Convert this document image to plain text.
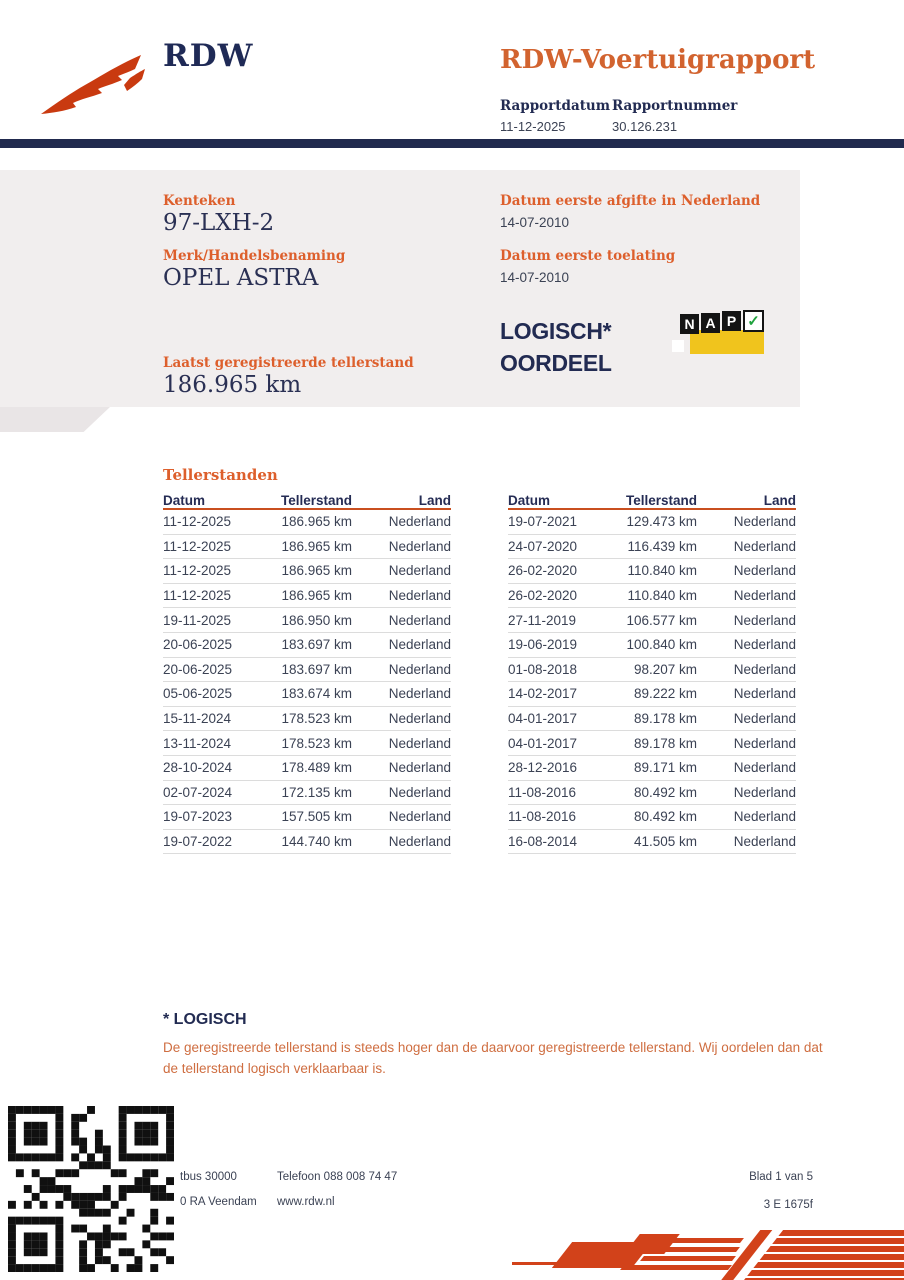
RDW	RDW-Voertuigrapport
Rapportdatum Rapportnummer
11-12-2025	30.126.231
Kenteken
97-LXH-2
Merk/Handelsbenaming
OPEL ASTRA
Laatst geregistreerde tellerstand
186.965 km
Datum eerste afgifte in Nederland
14-07-2010
Datum eerste toelating
14-07-2010
LOGISCH*
OORDEEL
N A P ✓
Tellerstanden
Datum	Tellerstand	Land
11-12-2025	186.965 km	Nederland
11-12-2025	186.965 km	Nederland
11-12-2025	186.965 km	Nederland
11-12-2025	186.965 km	Nederland
19-11-2025	186.950 km	Nederland
20-06-2025	183.697 km	Nederland
20-06-2025	183.697 km	Nederland
05-06-2025	183.674 km	Nederland
15-11-2024	178.523 km	Nederland
13-11-2024	178.523 km	Nederland
28-10-2024	178.489 km	Nederland
02-07-2024	172.135 km	Nederland
19-07-2023	157.505 km	Nederland
19-07-2022	144.740 km	Nederland
Datum	Tellerstand	Land
19-07-2021	129.473 km	Nederland
24-07-2020	116.439 km	Nederland
26-02-2020	110.840 km	Nederland
26-02-2020	110.840 km	Nederland
27-11-2019	106.577 km	Nederland
19-06-2019	100.840 km	Nederland
01-08-2018	98.207 km	Nederland
14-02-2017	89.222 km	Nederland
04-01-2017	89.178 km	Nederland
04-01-2017	89.178 km	Nederland
28-12-2016	89.171 km	Nederland
11-08-2016	80.492 km	Nederland
11-08-2016	80.492 km	Nederland
16-08-2014	41.505 km	Nederland
* LOGISCH
De geregistreerde tellerstand is steeds hoger dan de daarvoor geregistreerde tellerstand. Wij oordelen dan dat de tellerstand logisch verklaarbaar is.
tbus 30000
0 RA Veendam
Telefoon 088 008 74 47
www.rdw.nl
Blad 1 van 5
3 E 1675f
